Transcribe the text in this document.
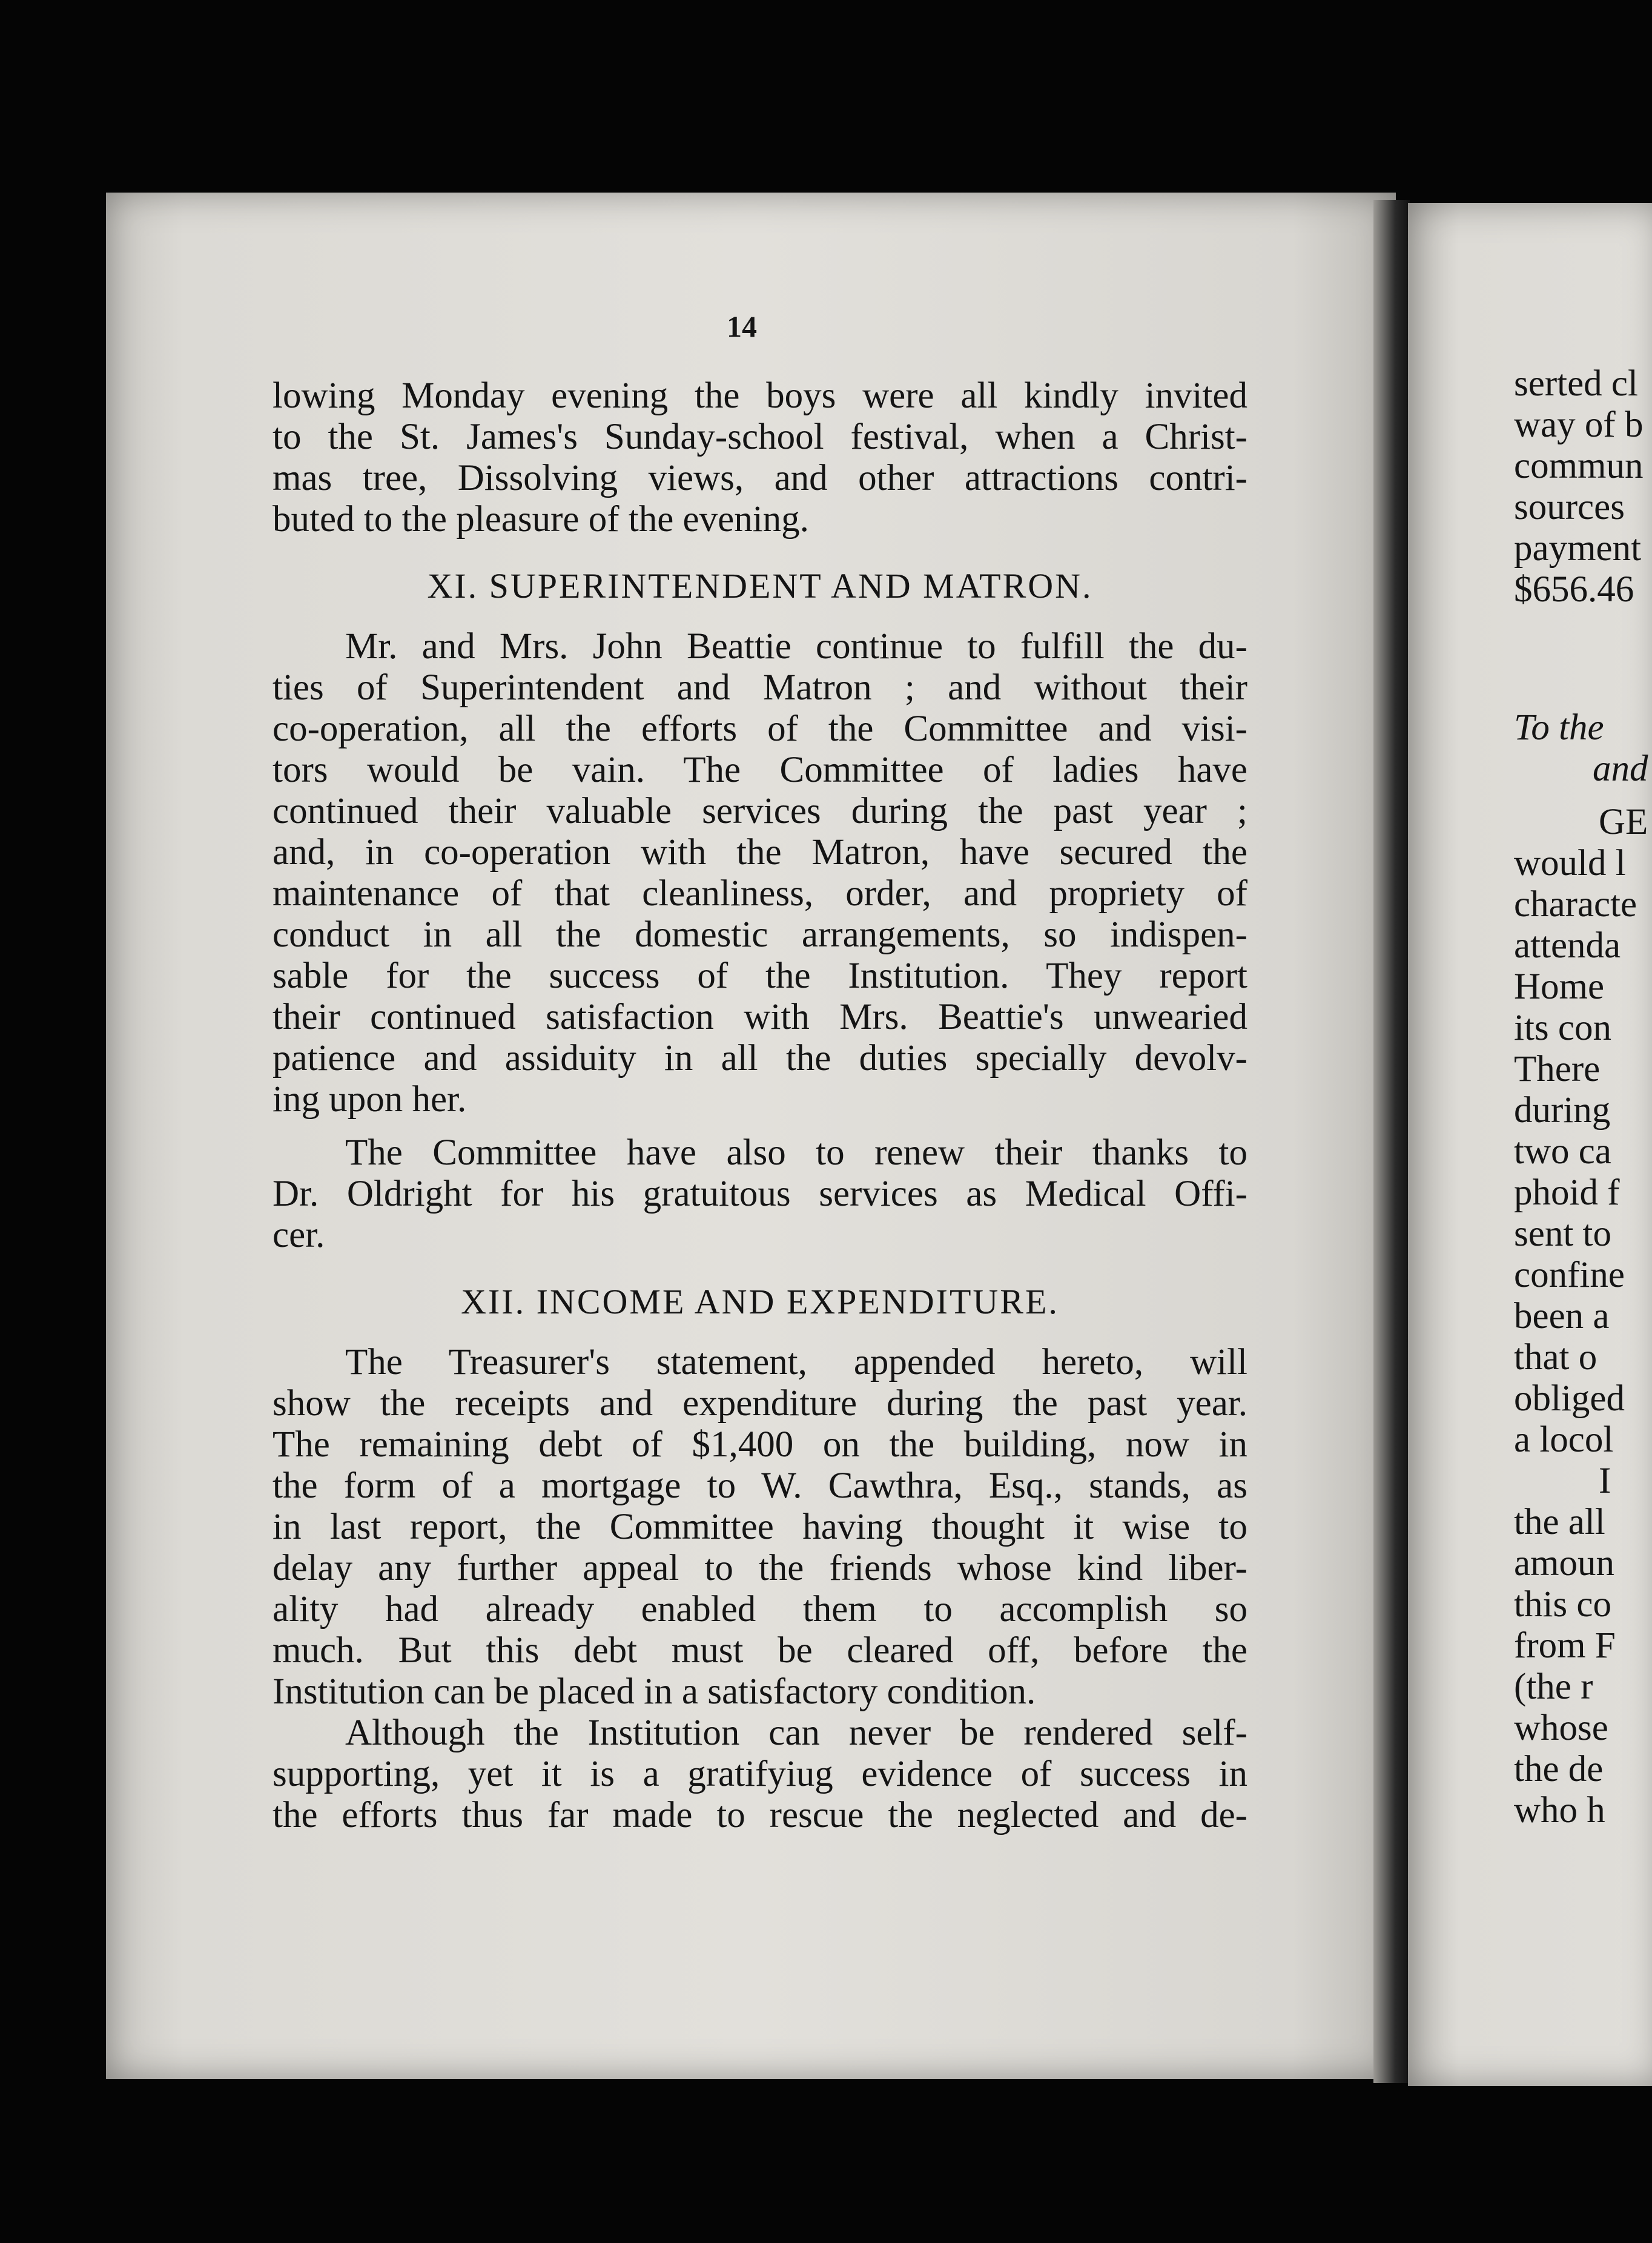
14
lowing Monday evening the boys were all kindly invited
to the St. James's Sunday-school festival, when a Christ-
mas tree, Dissolving views, and other attractions contri-
buted to the pleasure of the evening.
XI. SUPERINTENDENT AND MATRON.
Mr. and Mrs. John Beattie continue to fulfill the du-
ties of Superintendent and Matron ; and without their
co-operation, all the efforts of the Committee and visi-
tors would be vain. The Committee of ladies have
continued their valuable services during the past year ;
and, in co-operation with the Matron, have secured the
maintenance of that cleanliness, order, and propriety of
conduct in all the domestic arrangements, so indispen-
sable for the success of the Institution. They report
their continued satisfaction with Mrs. Beattie's unwearied
patience and assiduity in all the duties specially devolv-
ing upon her.
The Committee have also to renew their thanks to
Dr. Oldright for his gratuitous services as Medical Offi-
cer.
XII. INCOME AND EXPENDITURE.
The Treasurer's statement, appended hereto, will
show the receipts and expenditure during the past year.
The remaining debt of $1,400 on the building, now in
the form of a mortgage to W. Cawthra, Esq., stands, as
in last report, the Committee having thought it wise to
delay any further appeal to the friends whose kind liber-
ality had already enabled them to accomplish so
much. But this debt must be cleared off, before the
Institution can be placed in a satisfactory condition.
Although the Institution can never be rendered self-
supporting, yet it is a gratifyiug evidence of success in
the efforts thus far made to rescue the neglected and de-
serted cl
way of b
commun
sources
payment
$656.46
To the
and
GE
would l
characte
attenda
Home
its con
There
during
two ca
phoid f
sent to
confine
been a
that o
obliged
a locol
I
the all
amoun
this co
from F
(the r
whose
the de
who h
